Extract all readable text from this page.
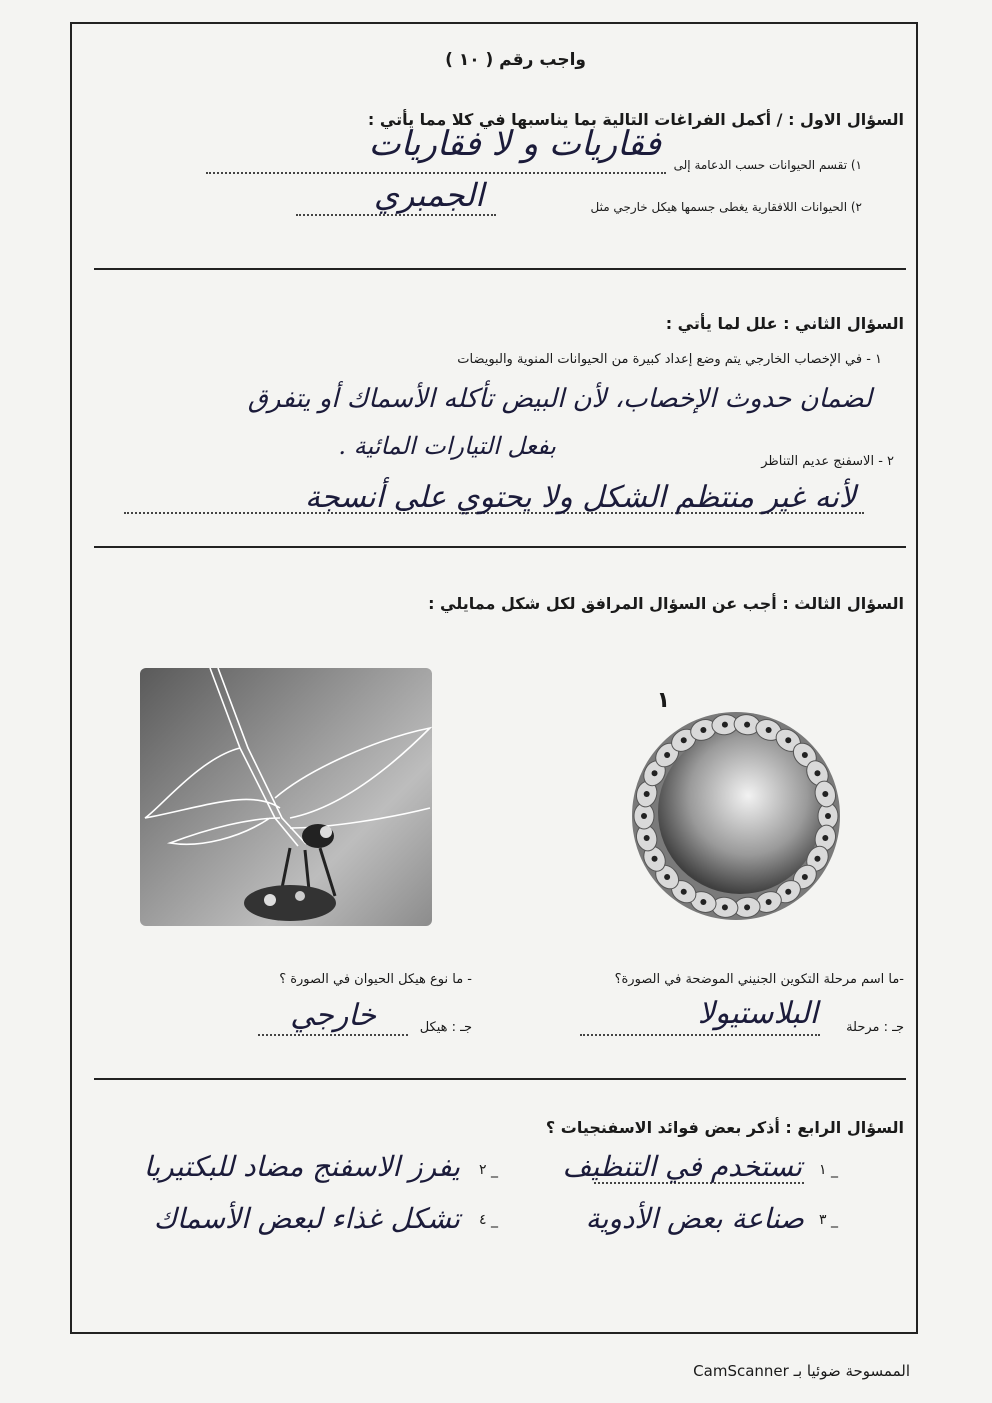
واجب رقم ( ١٠ )
السؤال الاول : / أكمل الفراغات التالية بما يناسبها في كلا مما يأتي :
١) تقسم الحيوانات حسب الدعامة إلى
فقاريات و لا فقاريات
٢) الحيوانات اللافقارية يغطى جسمها هيكل خارجي مثل
الجمبري
السؤال الثاني : علل لما يأتي :
١ - في الإخصاب الخارجي يتم وضع إعداد كبيرة من الحيوانات المنوية والبويضات
لضمان حدوث الإخصاب، لأن البيض تأكله الأسماك أو يتفرق
بفعل التيارات المائية .
٢ - الاسفنج عديم التناظر
لأنه غير منتظم الشكل ولا يحتوي على أنسجة
السؤال الثالث : أجب عن السؤال المرافق لكل شكل ممايلي :
١
-ما اسم مرحلة التكوين الجنيني الموضحة في الصورة؟
جـ : مرحلة
البلاستيولا
- ما نوع هيكل الحيوان في الصورة ؟
جـ : هيكل
خارجي
السؤال الرابع : أذكر بعض فوائد الاسفنجيات ؟
١ _
تستخدم في التنظيف
٢ _
يفرز الاسفنج مضاد للبكتيريا
٣ _
صناعة بعض الأدوية
٤ _
تشكل غذاء لبعض الأسماك
الممسوحة ضوئيا بـ CamScanner
